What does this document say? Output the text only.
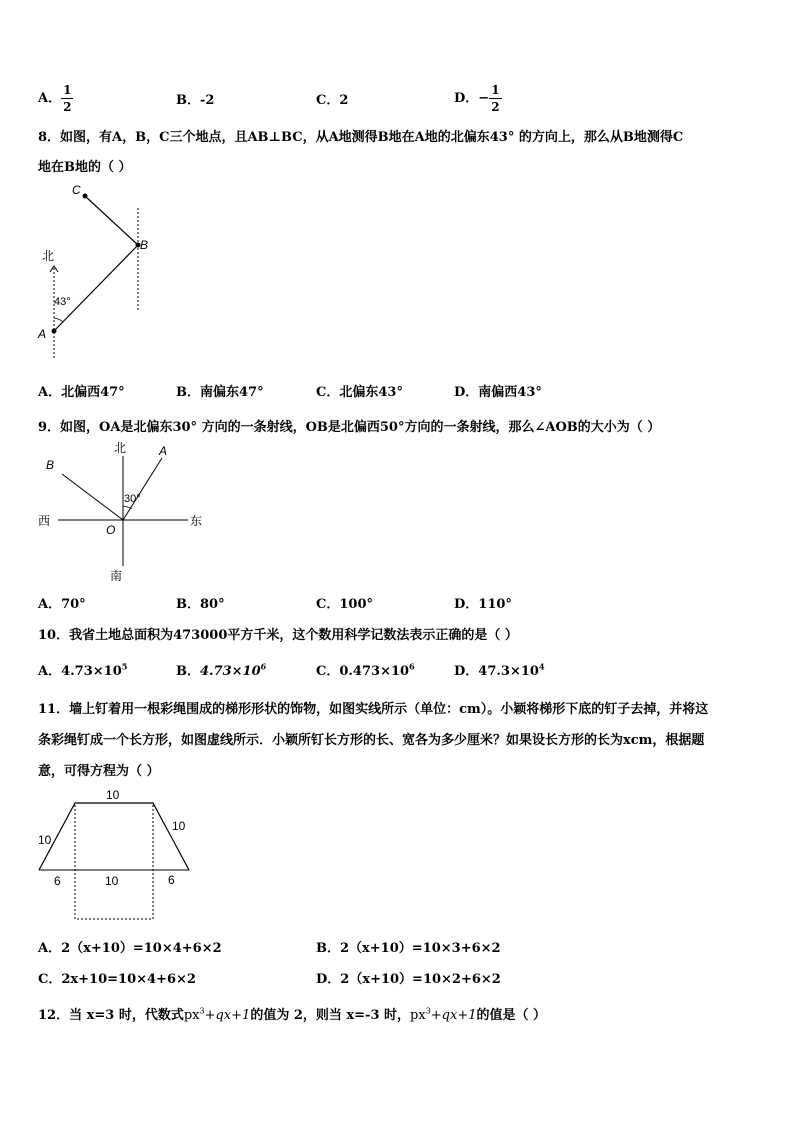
A． $\frac{1}{2}$	B．-2	C．2	D．− $\frac{1}{2}$
8．如图，有A，B，C三个地点，且AB⊥BC，从A地测得B地在A地的北偏东43° 的方向上，那么从B地测得C
地在B地的（ ）
北
43°
A
B
C
A．北偏西47°	B．南偏东47°	C．北偏东43°	D．南偏西43°
9．如图，OA是北偏东30° 方向的一条射线，OB是北偏西50°方向的一条射线，那么∠AOB的大小为（ ）
北
南
东
西
B
A
O
30°
A．70°	B．80°	C．100°	D．110°
10．我省土地总面积为473000平方千米，这个数用科学记数法表示正确的是（ ）
A．$4.73\times 10^5$	B．$4.73\times 10^6$	C．$0.473\times 10^6$	D．$47.3\times 10^4$
11．墙上钉着用一根彩绳围成的梯形形状的饰物，如图实线所示（单位：cm）。小颖将梯形下底的钉子去掉，并将这
条彩绳钉成一个长方形，如图虚线所示．小颖所钉长方形的长、宽各为多少厘米？如果设长方形的长为xcm，根据题
意，可得方程为（ ）
10
10
10
6	10	6
A．2（x+10）=10×4+6×2	B．2（x+10）=10×3+6×2
C．2x+10=10×4+6×2	D．2（x+10）=10×2+6×2
12．当 x=3 时，代数式$px^3+qx+1$的值为 2，则当 x=-3 时，$px^3+qx+1$的值是（ ）
